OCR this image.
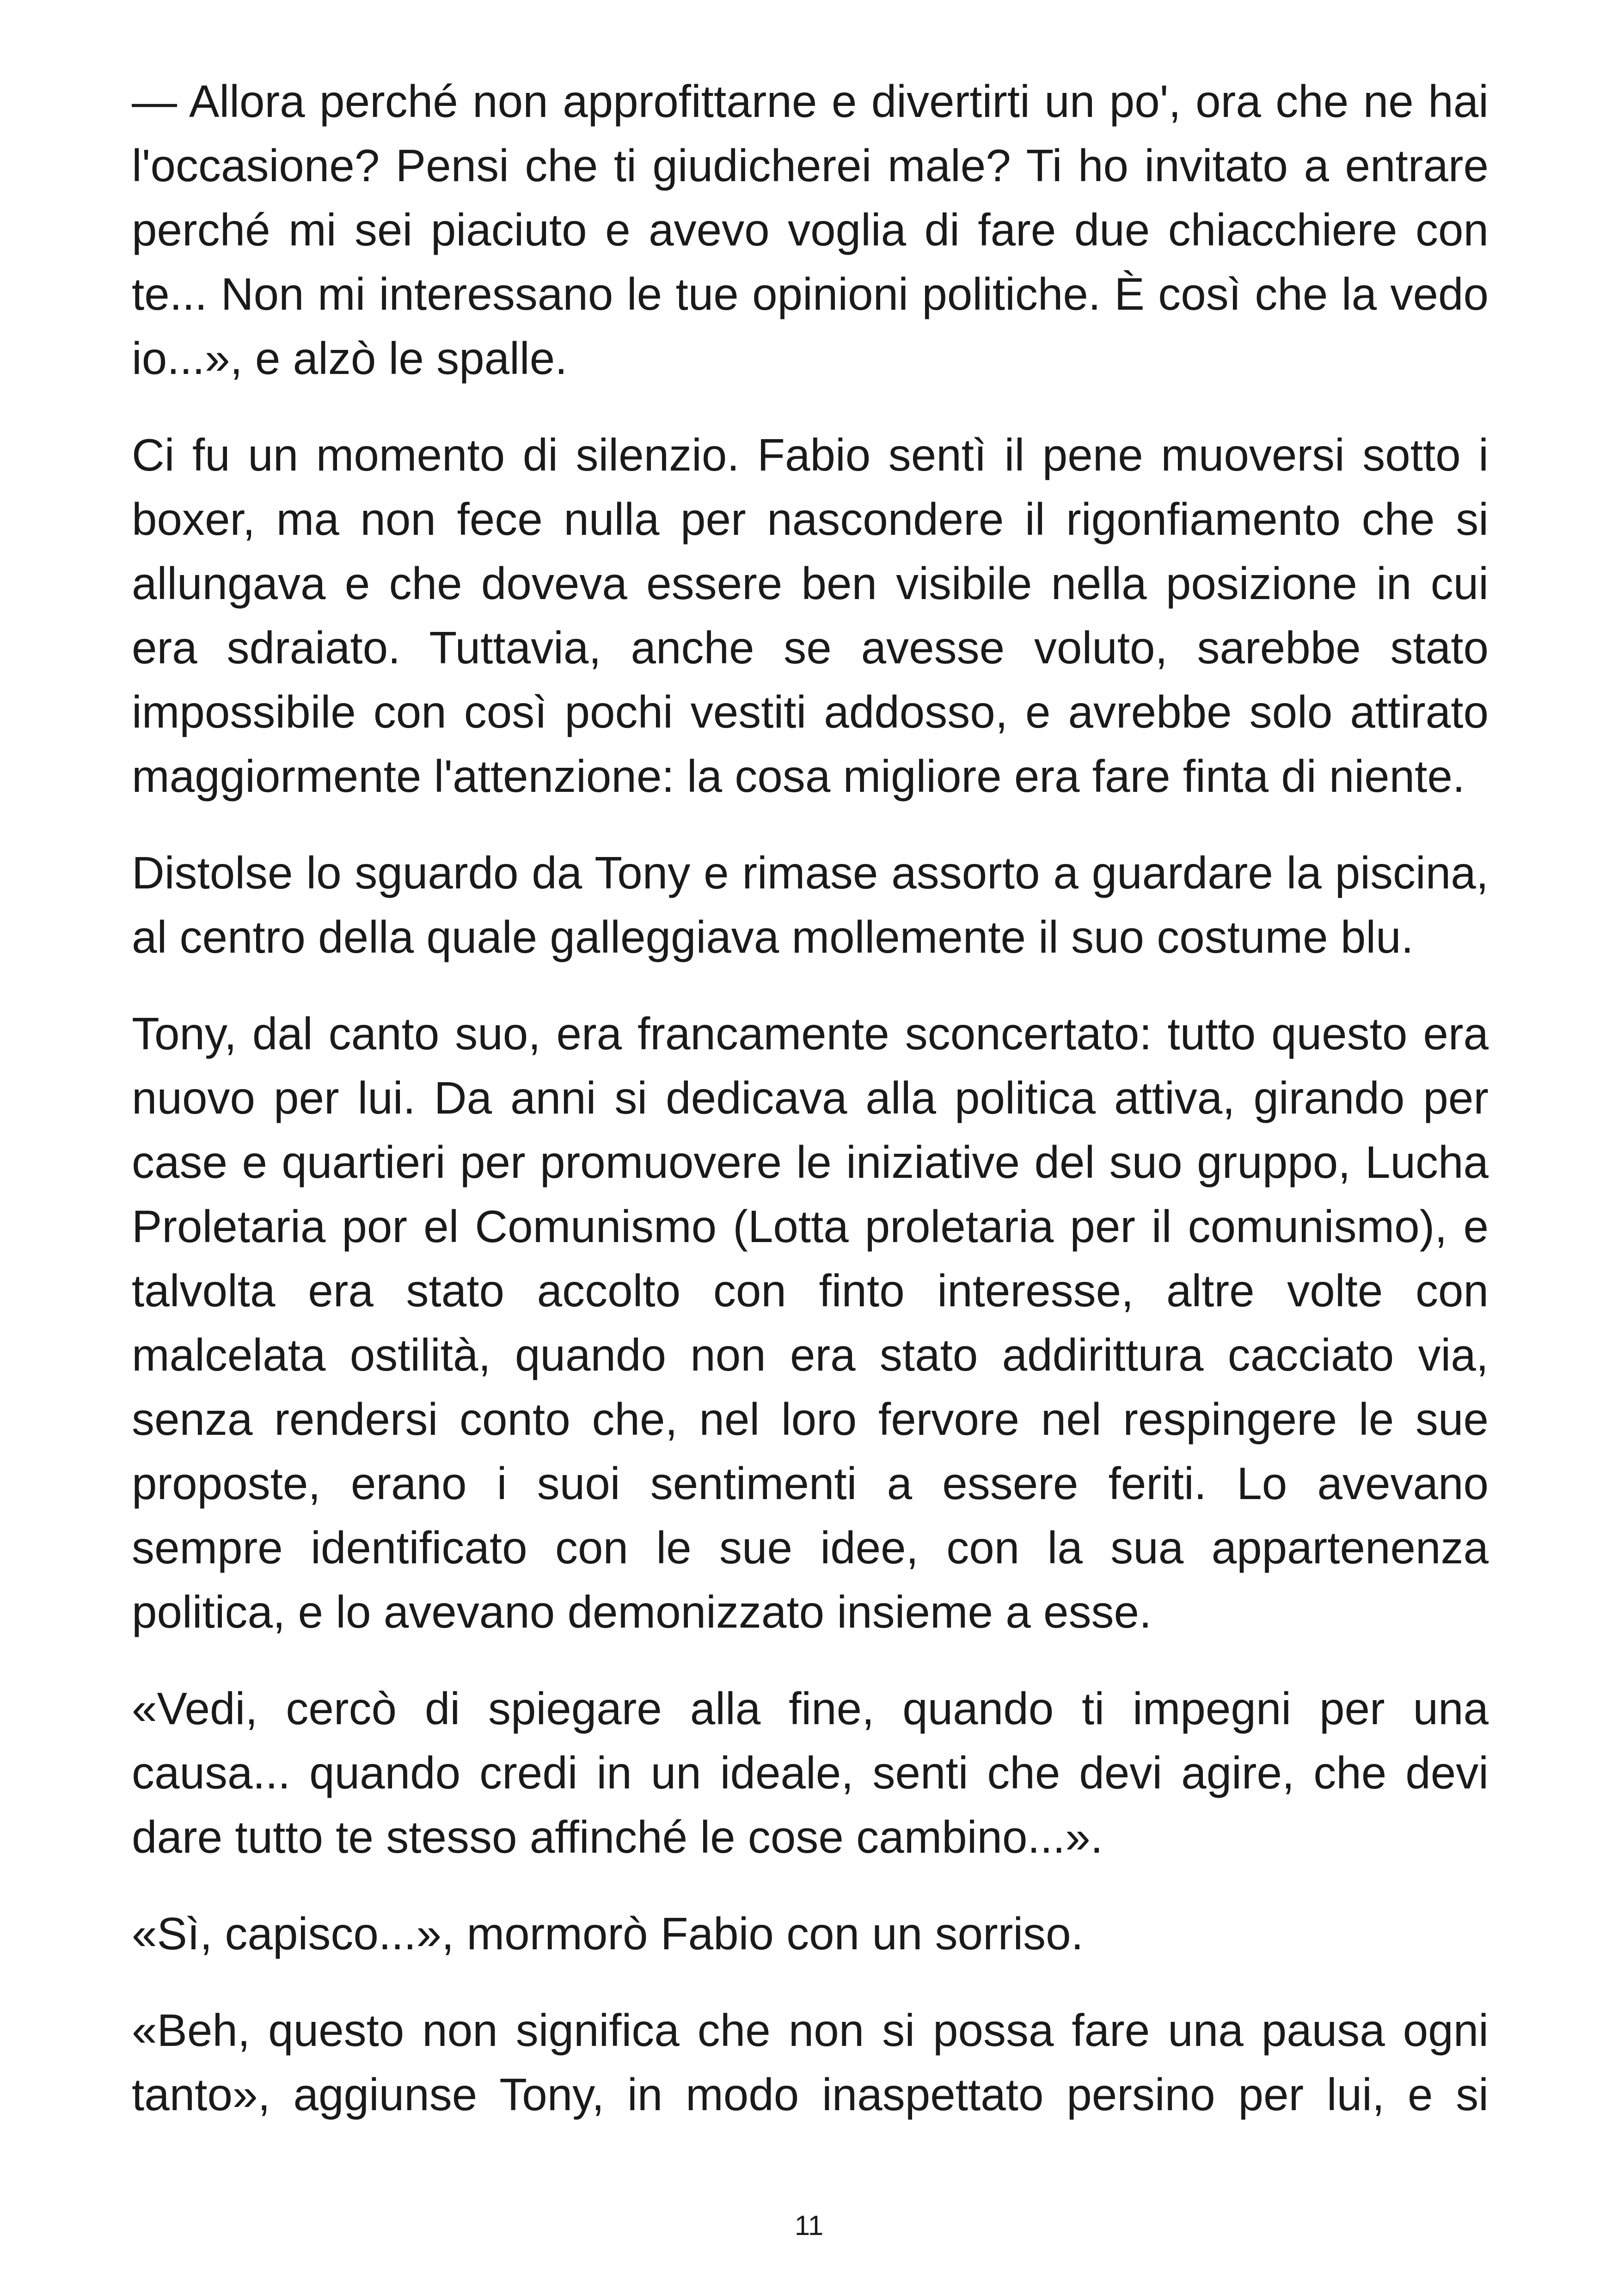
— Allora perché non approfittarne e divertirti un po', ora che ne hai l'occasione? Pensi che ti giudicherei male? Ti ho invitato a entrare perché mi sei piaciuto e avevo voglia di fare due chiacchiere con te... Non mi interessano le tue opinioni politiche. È così che la vedo io...», e alzò le spalle.

Ci fu un momento di silenzio. Fabio sentì il pene muoversi sotto i boxer, ma non fece nulla per nascondere il rigonfiamento che si allungava e che doveva essere ben visibile nella posizione in cui era sdraiato. Tuttavia, anche se avesse voluto, sarebbe stato impossibile con così pochi vestiti addosso, e avrebbe solo attirato maggiormente l'attenzione: la cosa migliore era fare finta di niente.

Distolse lo sguardo da Tony e rimase assorto a guardare la piscina, al centro della quale galleggiava mollemente il suo costume blu.

Tony, dal canto suo, era francamente sconcertato: tutto questo era nuovo per lui. Da anni si dedicava alla politica attiva, girando per case e quartieri per promuovere le iniziative del suo gruppo, Lucha Proletaria por el Comunismo (Lotta proletaria per il comunismo), e talvolta era stato accolto con finto interesse, altre volte con malcelata ostilità, quando non era stato addirittura cacciato via, senza rendersi conto che, nel loro fervore nel respingere le sue proposte, erano i suoi sentimenti a essere feriti. Lo avevano sempre identificato con le sue idee, con la sua appartenenza politica, e lo avevano demonizzato insieme a esse.

«Vedi, cercò di spiegare alla fine, quando ti impegni per una causa... quando credi in un ideale, senti che devi agire, che devi dare tutto te stesso affinché le cose cambino...».

«Sì, capisco...», mormorò Fabio con un sorriso.

«Beh, questo non significa che non si possa fare una pausa ogni tanto», aggiunse Tony, in modo inaspettato persino per lui, e si

11
